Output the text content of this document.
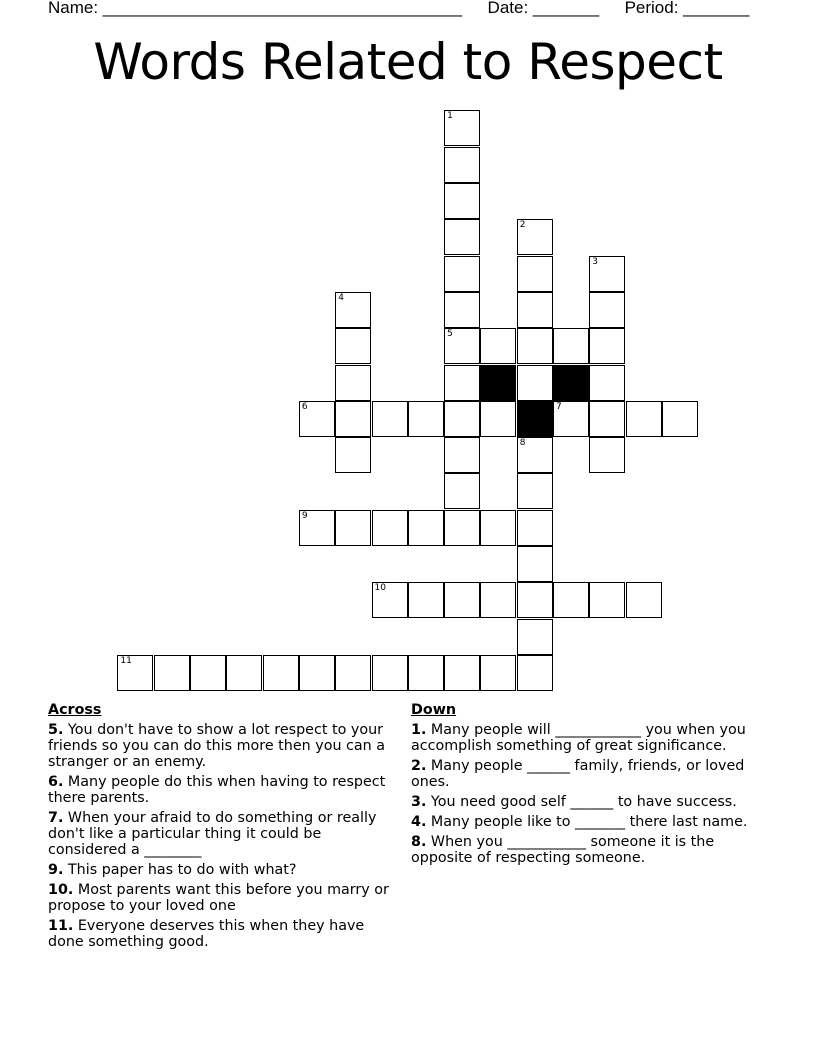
Name: ______________________________________ Date: _______ Period: _______
Words Related to Respect
1
5
2
3
4
7
6
8
9
10
11
Across
5. You don't have to show a lot respect to your friends so you can do this more then you can a stranger or an enemy.
6. Many people do this when having to respect there parents.
7. When your afraid to do something or really don't like a particular thing it could be considered a ________
9. This paper has to do with what?
10. Most parents want this before you marry or propose to your loved one
11. Everyone deserves this when they have done something good.
Down
1. Many people will ____________ you when you accomplish something of great significance.
2. Many people ______ family, friends, or loved ones.
3. You need good self ______ to have success.
4. Many people like to _______ there last name.
8. When you ___________ someone it is the opposite of respecting someone.
